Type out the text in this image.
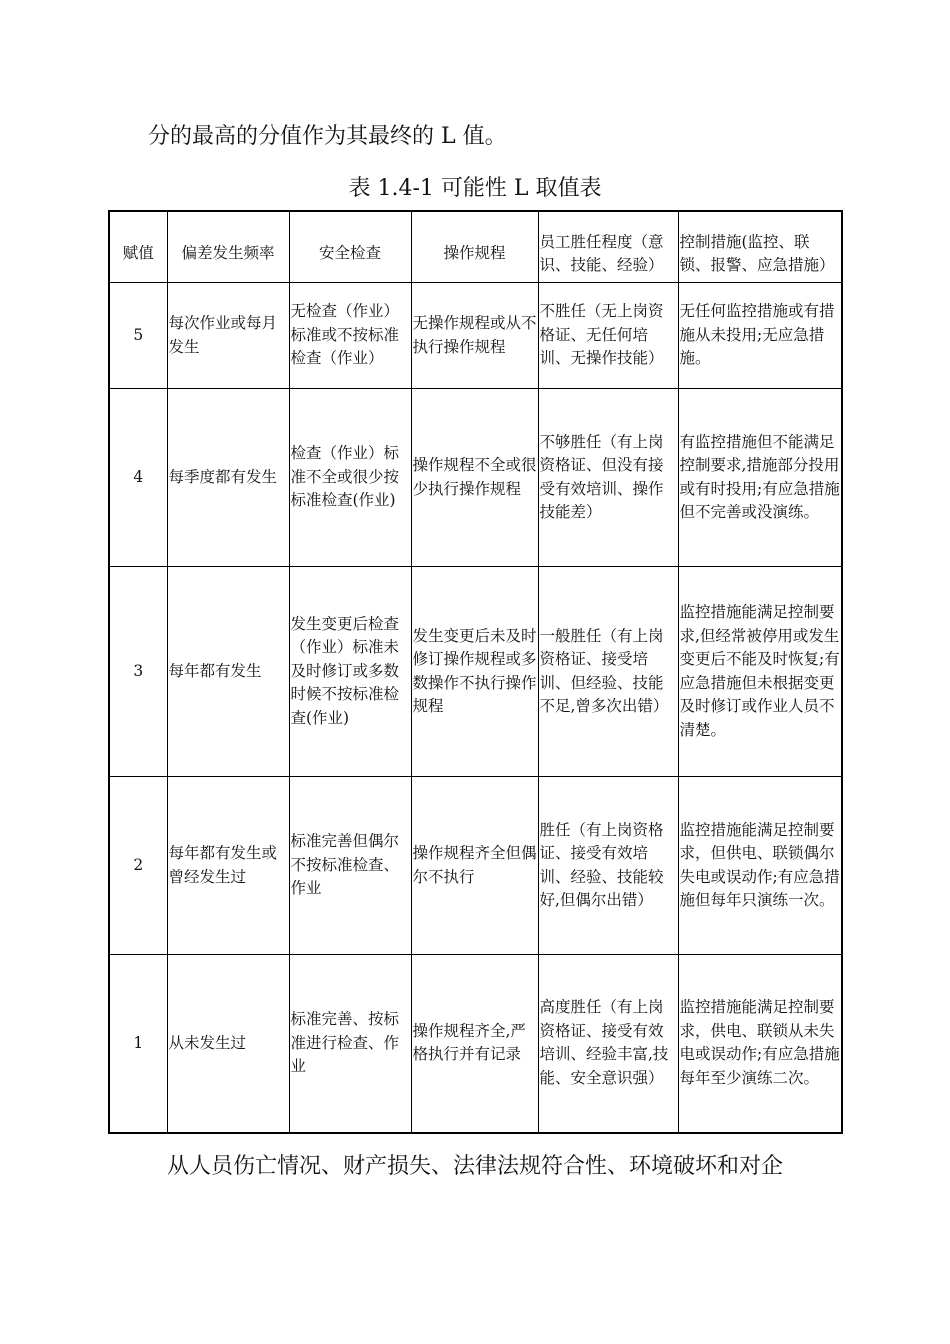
分的最高的分值作为其最终的 L 值。
表 1.4-1 可能性 L 取值表
赋值	偏差发生频率	安全检查	操作规程	员工胜任程度（意识、技能、经验）	控制措施(监控、联锁、报警、应急措施）
5	每次作业或每月发生	无检查（作业）标准或不按标准检查（作业）	无操作规程或从不执行操作规程	不胜任（无上岗资格证、无任何培训、无操作技能）	无任何监控措施或有措施从未投用;无应急措施。
4	每季度都有发生	检查（作业）标准不全或很少按标准检查(作业)	操作规程不全或很少执行操作规程	不够胜任（有上岗资格证、但没有接受有效培训、操作技能差）	有监控措施但不能满足控制要求,措施部分投用或有时投用;有应急措施但不完善或没演练。
3	每年都有发生	发生变更后检查（作业）标准未及时修订或多数时候不按标准检查(作业)	发生变更后未及时修订操作规程或多数操作不执行操作规程	一般胜任（有上岗资格证、接受培训、但经验、技能不足,曾多次出错）	监控措施能满足控制要求,但经常被停用或发生变更后不能及时恢复;有应急措施但未根据变更及时修订或作业人员不清楚。
2	每年都有发生或曾经发生过	标准完善但偶尔不按标准检查、作业	操作规程齐全但偶尔不执行	胜任（有上岗资格证、接受有效培训、经验、技能较好,但偶尔出错）	监控措施能满足控制要求，但供电、联锁偶尔失电或误动作;有应急措施但每年只演练一次。
1	从未发生过	标准完善、按标准进行检查、作业	操作规程齐全,严格执行并有记录	高度胜任（有上岗资格证、接受有效培训、经验丰富,技能、安全意识强）	监控措施能满足控制要求，供电、联锁从未失电或误动作;有应急措施每年至少演练二次。
从人员伤亡情况、财产损失、法律法规符合性、环境破坏和对企
